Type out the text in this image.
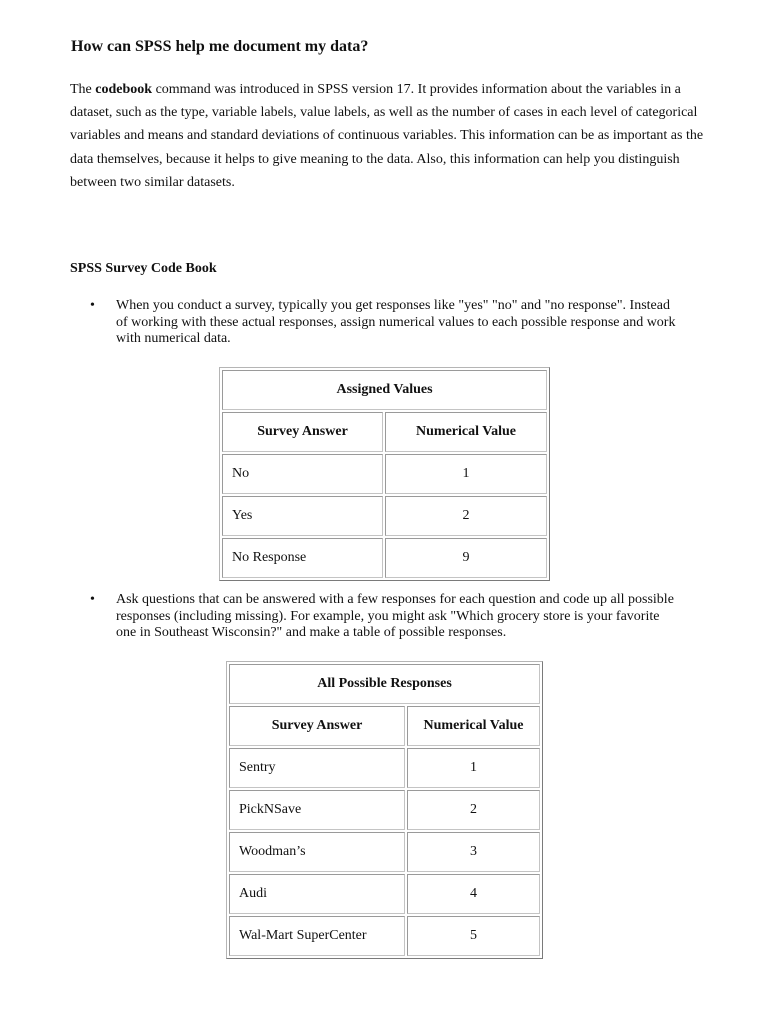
How can SPSS help me document my data?

The codebook command was introduced in SPSS version 17. It provides information about the variables in a dataset, such as the type, variable labels, value labels, as well as the number of cases in each level of categorical variables and means and standard deviations of continuous variables. This information can be as important as the data themselves, because it helps to give meaning to the data. Also, this information can help you distinguish between two similar datasets.

SPSS Survey Code Book
• When you conduct a survey, typically you get responses like "yes" "no" and "no response". Instead of working with these actual responses, assign numerical values to each possible response and work with numerical data.
Assigned Values	
Survey Answer	Numerical Value
No	1
Yes	2
No Response	9
• Ask questions that can be answered with a few responses for each question and code up all possible responses (including missing). For example, you might ask "Which grocery store is your favorite one in Southeast Wisconsin?" and make a table of possible responses.
All Possible Responses	
Survey Answer	Numerical Value
Sentry	1
PickNSave	2
Woodman’s	3
Audi	4
Wal-Mart SuperCenter	5
